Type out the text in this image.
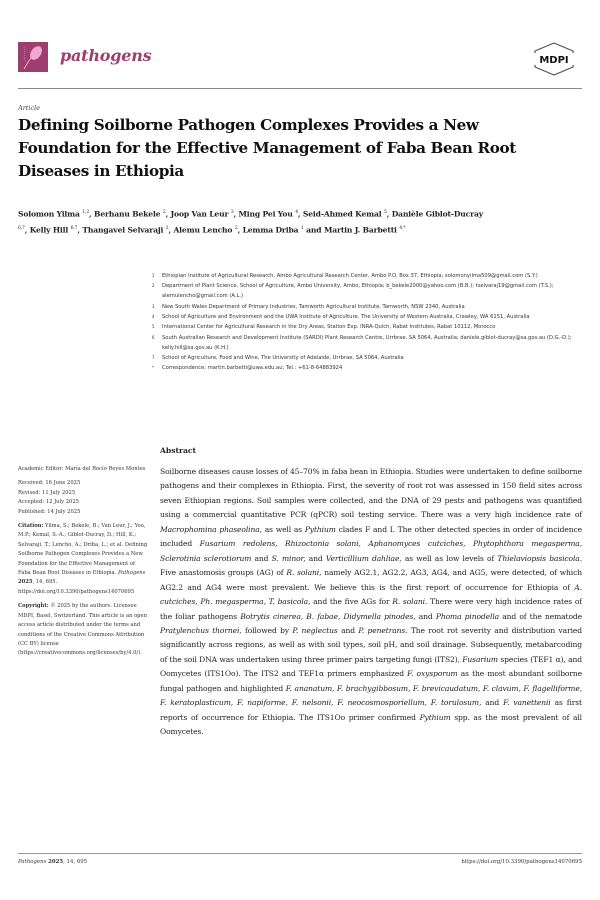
pathogens	MDPI
Article
Defining Soilborne Pathogen Complexes Provides a New Foundation for the Effective Management of Faba Bean Root Diseases in Ethiopia
Solomon Yilma $^{1,2}$, Berhanu Bekele $^2$, Joop Van Leur $^3$, Ming Pei You $^4$, Seid-Ahmed Kemal $^5$, Danièle Giblot-Ducray $^{6,7}$, Kelly Hill $^{6,7}$, Thangavel Selvaraji $^2$, Alemu Lencho $^2$, Lemma Driba $^1$ and Martin J. Barbetti $^{4,*}$
1 Ethiopian Institute of Agricultural Research, Ambo Agricultural Research Center, Ambo P.O. Box 37, Ethiopia; solomonyilma509@gmail.com (S.Y.)
2 Department of Plant Science, School of Agriculture, Ambo University, Ambo, Ethiopia; b_bekele2000@yahoo.com (B.B.); tselvaraj19@gmail.com (T.S.); alemulencho@gmail.com (A.L.)
3 New South Wales Department of Primary Industries, Tamworth Agricultural Institute, Tamworth, NSW 2340, Australia
4 School of Agriculture and Environment and the UWA Institute of Agriculture, The University of Western Australia, Crawley, WA 6151, Australia
5 International Center for Agricultural Research in the Dry Areas, Station Exp. INRA-Quich, Rabat Institutes, Rabat 10112, Morocco
6 South Australian Research and Development Institute (SARDI) Plant Research Centre, Urrbrae, SA 5064, Australia; daniele.giblot-ducray@sa.gov.au (D.G.-D.); kelly.hill@sa.gov.au (K.H.)
7 School of Agriculture, Food and Wine, The University of Adelaide, Urrbrae, SA 5064, Australia
* Correspondence: martin.barbetti@uwa.edu.au; Tel.: +61-8-64883924
Academic Editor: María del Rocío Reyes Montes
Received: 16 June 2025
Revised: 11 July 2025
Accepted: 12 July 2025
Published: 14 July 2025
Citation: Yilma, S.; Bekele, B.; Van Leur, J.; You, M.P.; Kemal, S.-A.; Giblot-Ducray, D.; Hill, K.; Selvaraji, T.; Lencho, A.; Driba, L.; et al. Defining Soilborne Pathogen Complexes Provides a New Foundation for the Effective Management of Faba Bean Root Diseases in Ethiopia. Pathogens 2025, 14, 695. https://doi.org/10.3390/pathogens14070695
Copyright: © 2025 by the authors. Licensee MDPI, Basel, Switzerland. This article is an open access article distributed under the terms and conditions of the Creative Commons Attribution (CC BY) license (https://creativecommons.org/licenses/by/4.0/).
Abstract
Soilborne diseases cause losses of 45–70% in faba bean in Ethiopia. Studies were undertaken to define soilborne pathogens and their complexes in Ethiopia. First, the severity of root rot was assessed in 150 field sites across seven Ethiopian regions. Soil samples were collected, and the DNA of 29 pests and pathogens was quantified using a commercial quantitative PCR (qPCR) soil testing service. There was a very high incidence rate of Macrophomina phaseolina, as well as Pythium clades F and I. The other detected species in order of incidence included Fusarium redolens, Rhizoctonia solani, Aphanomyces cutciches, Phytophthora megasperma, Sclerotinia sclerotiorum and S. minor, and Verticillium dahliae, as well as low levels of Thielaviopsis basicola. Five anastomosis groups (AG) of R. solani, namely AG2.1, AG2.2, AG3, AG4, and AG5, were detected, of which AG2.2 and AG4 were most prevalent. We believe this is the first report of occurrence for Ethiopia of A. cutciches, Ph. megasperma, T. basicola, and the five AGs for R. solani. There were very high incidence rates of the foliar pathogens Botrytis cinerea, B. fabae, Didymella pinodes, and Phoma pinodella and of the nematode Pratylenchus thornei, followed by P. neglectus and P. penetrans. The root rot severity and distribution varied significantly across regions, as well as with soil types, soil pH, and soil drainage. Subsequently, metabarcoding of the soil DNA was undertaken using three primer pairs targeting fungi (ITS2), Fusarium species (TEF1 α), and Oomycetes (ITS1Oo). The ITS2 and TEF1α primers emphasized F. oxysporum as the most abundant soilborne fungal pathogen and highlighted F. ananatum, F. brachygibbosum, F. brevicaudatum, F. clavum, F. flagelliforme, F. keratoplasticum, F. napiforme, F. nelsonii, F. neocosmosporiellum, F. torulosum, and F. vanettenii as first reports of occurrence for Ethiopia. The ITS1Oo primer confirmed Pythium spp. as the most prevalent of all Oomycetes.
Pathogens 2025, 14, 695	https://doi.org/10.3390/pathogens14070695
